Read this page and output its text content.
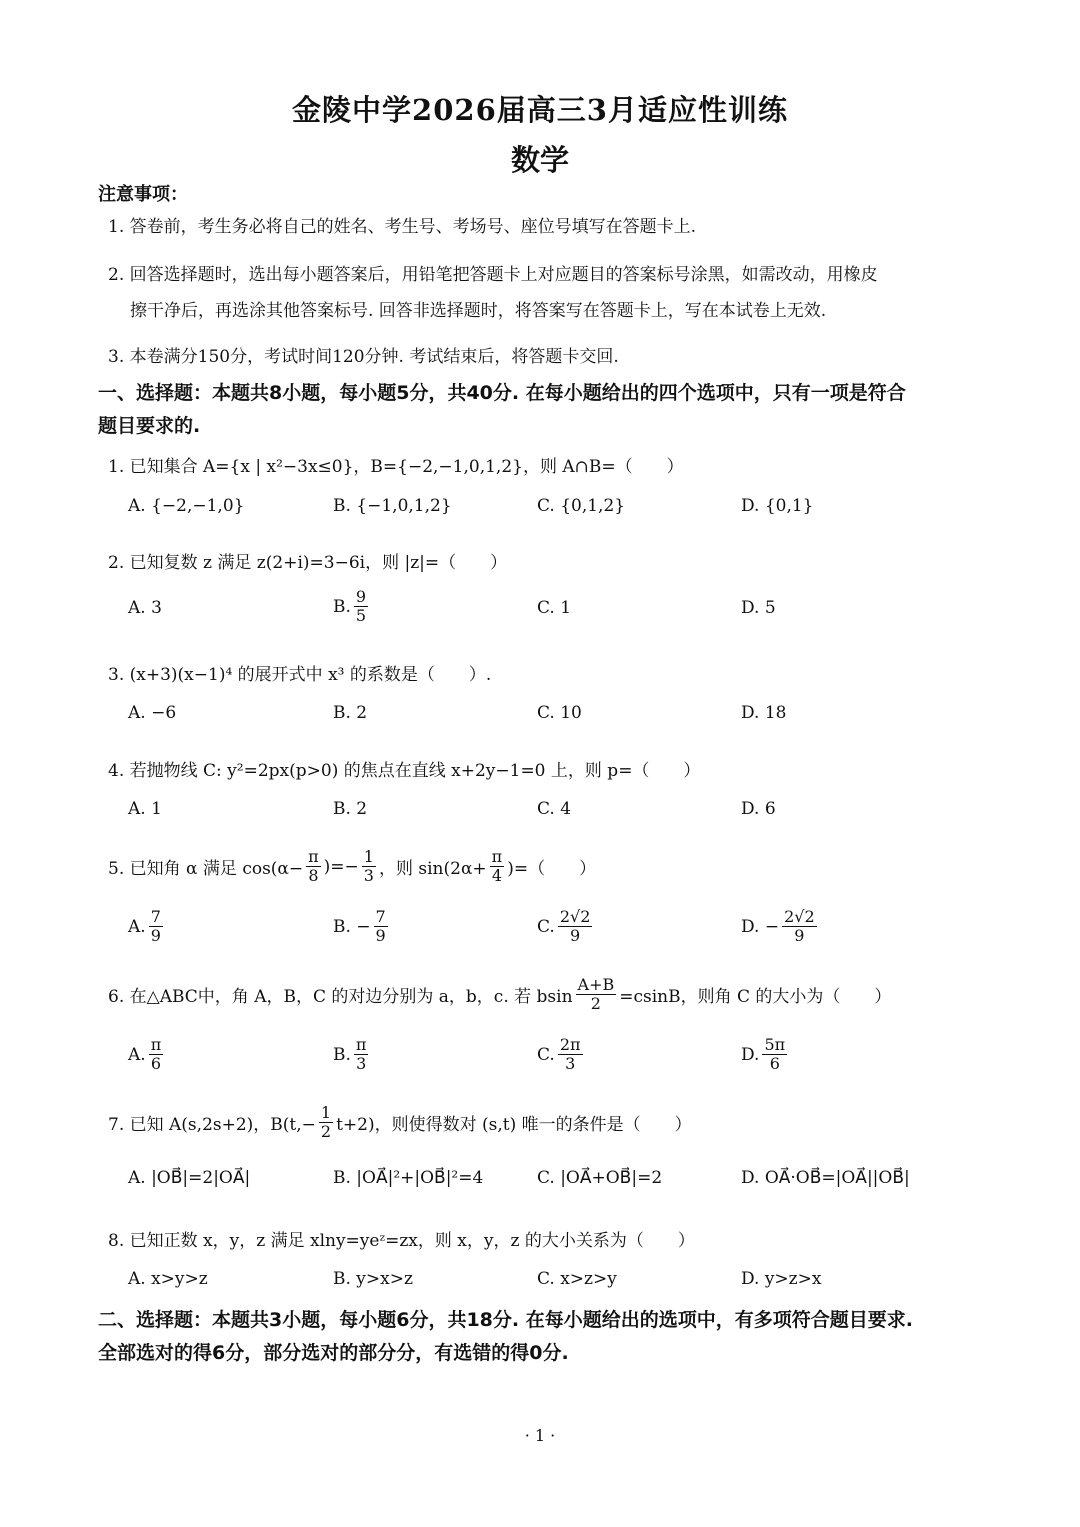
金陵中学2026届高三3月适应性训练
数学
注意事项：
1. 答卷前，考生务必将自己的姓名、考生号、考场号、座位号填写在答题卡上.
2. 回答选择题时，选出每小题答案后，用铅笔把答题卡上对应题目的答案标号涂黑，如需改动，用橡皮
擦干净后，再选涂其他答案标号. 回答非选择题时，将答案写在答题卡上，写在本试卷上无效.
3. 本卷满分150分，考试时间120分钟. 考试结束后，将答题卡交回.
一、选择题：本题共8小题，每小题5分，共40分. 在每小题给出的四个选项中，只有一项是符合
题目要求的.
1. 已知集合 A={x | x²−3x≤0}，B={−2,−1,0,1,2}，则 A∩B=（　　）
A. {−2,−1,0}	B. {−1,0,1,2}	C. {0,1,2}	D. {0,1}
2. 已知复数 z 满足 z(2+i)=3−6i，则 |z|=（　　）
A. 3	B. $\frac{9}{5}$	C. 1	D. 5
3. (x+3)(x−1)⁴ 的展开式中 x³ 的系数是（　　）.
A. −6	B. 2	C. 10	D. 18
4. 若抛物线 C: y²=2px(p>0) 的焦点在直线 x+2y−1=0 上，则 p=（　　）
A. 1	B. 2	C. 4	D. 6
5. 已知角 α 满足 $\cos(\alpha- \frac{\pi}{8}$ )=− $\frac{1}{3}$ ，则 $\sin(2\alpha+ \frac{\pi}{4}$ )=（　　）
A. $\frac{7}{9}$	B. − $\frac{7}{9}$	C. $\frac{2√2}{9}$	D. − $\frac{2√2}{9}$
6. 在△ABC中，角 A，B，C 的对边分别为 a，b，c. 若 bsin $\frac{A+B}{2} =csinB$，则角 C 的大小为（　　）
A. $\frac{\pi}{6}$	B. $\frac{\pi}{3}$	C. $\frac{2\pi}{3}$	D. $\frac{5\pi}{6}$
7. 已知 A(s,2s+2)，$B(t,- \frac{1}{2} t+2)$，则使得数对 (s,t) 唯一的条件是（　　）
A. |OB⃗|=2|OA⃗|	B. |OA⃗|²+|OB⃗|²=4	C. |OA⃗+OB⃗|=2	D. OA⃗·OB⃗=|OA⃗||OB⃗|
8. 已知正数 x，y，z 满足 xlny=yeᶻ=zx，则 x，y，z 的大小关系为（　　）
A. x>y>z	B. y>x>z	C. x>z>y	D. y>z>x
二、选择题：本题共3小题，每小题6分，共18分. 在每小题给出的选项中，有多项符合题目要求.
全部选对的得6分，部分选对的部分分，有选错的得0分.
· 1 ·
